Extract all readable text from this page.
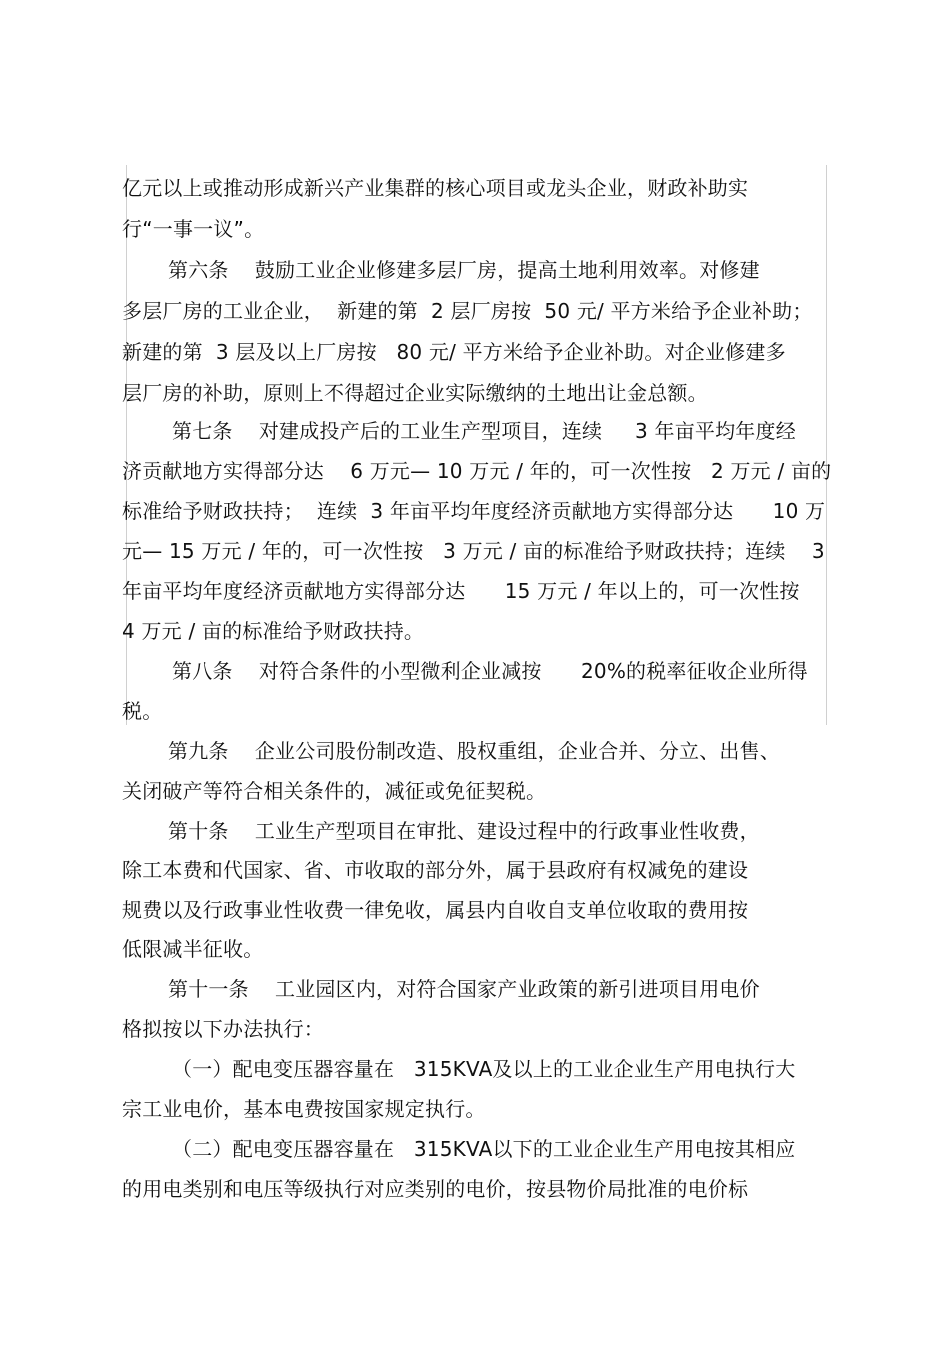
亿元以上或推动形成新兴产业集群的核心项目或龙头企业，财政补助实
行“一事一议”。
第六条    鼓励工业企业修建多层厂房，提高土地利用效率。对修建
多层厂房的工业企业，  新建的第  2 层厂房按  50 元/ 平方米给予企业补助；
新建的第  3 层及以上厂房按   80 元/ 平方米给予企业补助。对企业修建多
层厂房的补助，原则上不得超过企业实际缴纳的土地出让金总额。
第七条    对建成投产后的工业生产型项目，连续     3 年亩平均年度经
济贡献地方实得部分达    6 万元— 10 万元 / 年的，可一次性按   2 万元 / 亩的
标准给予财政扶持；  连续  3 年亩平均年度经济贡献地方实得部分达      10 万
元— 15 万元 / 年的，可一次性按   3 万元 / 亩的标准给予财政扶持；连续    3
年亩平均年度经济贡献地方实得部分达      15 万元 / 年以上的，可一次性按
4 万元 / 亩的标准给予财政扶持。
第八条    对符合条件的小型微利企业减按      20%的税率征收企业所得
税。
第九条    企业公司股份制改造、股权重组，企业合并、分立、出售、
关闭破产等符合相关条件的，减征或免征契税。
第十条    工业生产型项目在审批、建设过程中的行政事业性收费，
除工本费和代国家、省、市收取的部分外，属于县政府有权减免的建设
规费以及行政事业性收费一律免收，属县内自收自支单位收取的费用按
低限减半征收。
第十一条    工业园区内，对符合国家产业政策的新引进项目用电价
格拟按以下办法执行：
（一）配电变压器容量在   315KVA及以上的工业企业生产用电执行大
宗工业电价，基本电费按国家规定执行。
（二）配电变压器容量在   315KVA以下的工业企业生产用电按其相应
的用电类别和电压等级执行对应类别的电价，按县物价局批准的电价标
